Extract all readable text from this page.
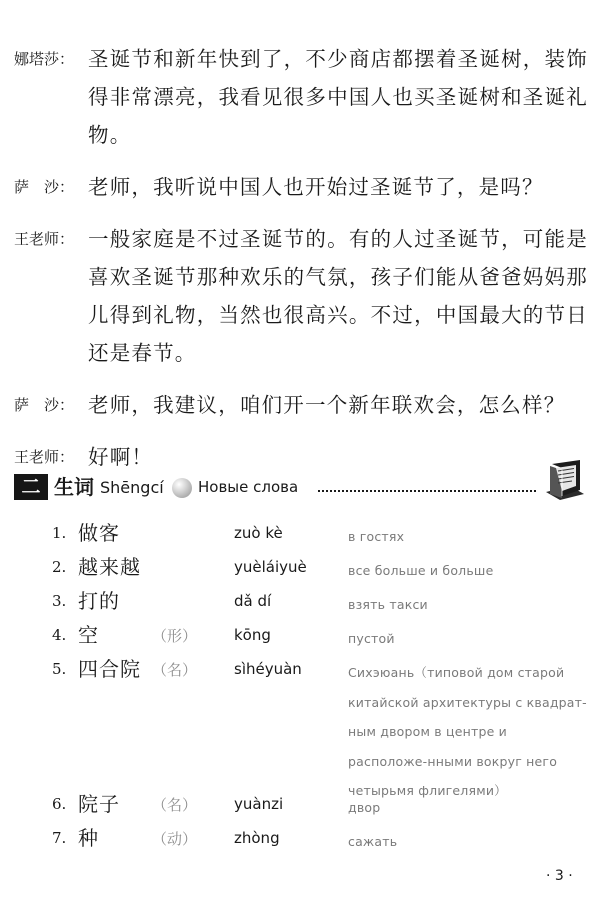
娜塔莎： 圣诞节和新年快到了，不少商店都摆着圣诞树，装饰得非常漂亮，我看见很多中国人也买圣诞树和圣诞礼物。
萨　沙： 老师，我听说中国人也开始过圣诞节了，是吗？
王老师： 一般家庭是不过圣诞节的。有的人过圣诞节，可能是喜欢圣诞节那种欢乐的气氛，孩子们能从爸爸妈妈那儿得到礼物，当然也很高兴。不过，中国最大的节日还是春节。
萨　沙： 老师，我建议，咱们开一个新年联欢会，怎么样？
王老师： 好啊！
二 生词 Shēngcí Новые слова
1. 做客	zuò kè	в гостях
2. 越来越	yuèláiyuè	все больше и больше
3. 打的	dǎ dí	взять такси
4. 空	（形） kōng	пустой
5. 四合院 （名） sìhéyuàn	Сихэюань（типовой дом старой китайской архитектуры с квадрат-ным двором в центре и расположе-нными вокруг него четырьмя флигелями）
6. 院子 （名） yuànzi	двор
7. 种	（动） zhòng	сажать
· 3 ·
